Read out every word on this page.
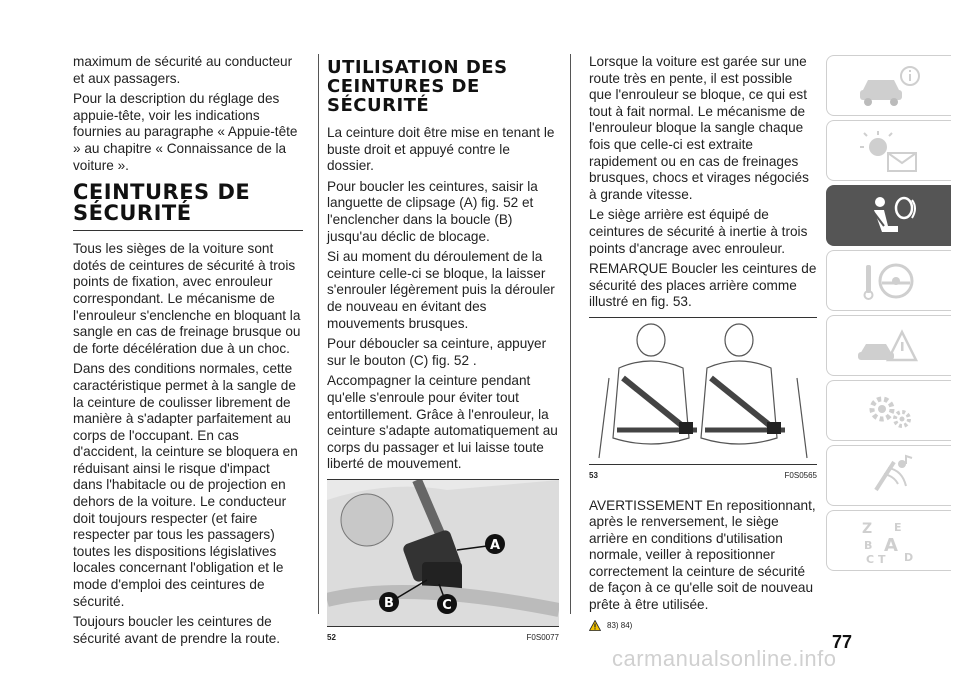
maximum de sécurité au conducteur et aux passagers.

Pour la description du réglage des appuie-tête, voir les indications fournies au paragraphe « Appuie-tête » au chapitre « Connaissance de la voiture ».

CEINTURES DE SÉCURITÉ

Tous les sièges de la voiture sont dotés de ceintures de sécurité à trois points de fixation, avec enrouleur correspondant. Le mécanisme de l'enrouleur s'enclenche en bloquant la sangle en cas de freinage brusque ou de forte décélération due à un choc.

Dans des conditions normales, cette caractéristique permet à la sangle de la ceinture de coulisser librement de manière à s'adapter parfaitement au corps de l'occupant. En cas d'accident, la ceinture se bloquera en réduisant ainsi le risque d'impact dans l'habitacle ou de projection en dehors de la voiture. Le conducteur doit toujours respecter (et faire respecter par tous les passagers) toutes les dispositions législatives locales concernant l'obligation et le mode d'emploi des ceintures de sécurité.

Toujours boucler les ceintures de sécurité avant de prendre la route.

UTILISATION DES CEINTURES DE SÉCURITÉ

La ceinture doit être mise en tenant le buste droit et appuyé contre le dossier.

Pour boucler les ceintures, saisir la languette de clipsage (A) fig. 52 et l'enclencher dans la boucle (B) jusqu'au déclic de blocage.

Si au moment du déroulement de la ceinture celle-ci se bloque, la laisser s'enrouler légèrement puis la dérouler de nouveau en évitant des mouvements brusques.

Pour déboucler sa ceinture, appuyer sur le bouton (C) fig. 52 .

Accompagner la ceinture pendant qu'elle s'enroule pour éviter tout entortillement. Grâce à l'enrouleur, la ceinture s'adapte automatiquement au corps du passager et lui laisse toute liberté de mouvement.

A
B	C
52	F0S0077

Lorsque la voiture est garée sur une route très en pente, il est possible que l'enrouleur se bloque, ce qui est tout à fait normal. Le mécanisme de l'enrouleur bloque la sangle chaque fois que celle-ci est extraite rapidement ou en cas de freinages brusques, chocs et virages négociés à grande vitesse.

Le siège arrière est équipé de ceintures de sécurité à inertie à trois points d'ancrage avec enrouleur.

REMARQUE Boucler les ceintures de sécurité des places arrière comme illustré en fig. 53.

53	F0S0565

AVERTISSEMENT En repositionnant, après le renversement, le siège arrière en conditions d'utilisation normale, veiller à repositionner correctement la ceinture de sécurité de façon à ce qu'elle soit de nouveau prête à être utilisée.

83) 84)
Z E
B A
C T D
77
carmanualsonline.info
